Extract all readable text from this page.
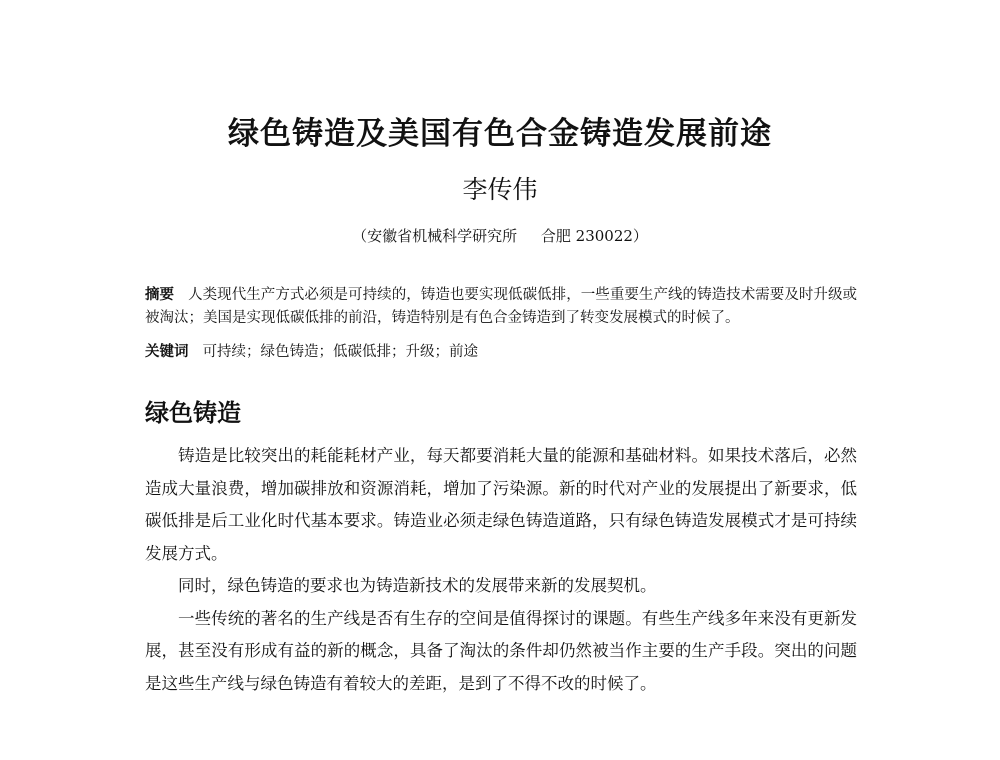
绿色铸造及美国有色合金铸造发展前途
李传伟
（安徽省机械科学研究所     合肥 230022）
摘要 人类现代生产方式必须是可持续的，铸造也要实现低碳低排，一些重要生产线的铸造技术需要及时升级或被淘汰；美国是实现低碳低排的前沿，铸造特别是有色合金铸造到了转变发展模式的时候了。
关键词 可持续；绿色铸造；低碳低排；升级；前途
绿色铸造

铸造是比较突出的耗能耗材产业，每天都要消耗大量的能源和基础材料。如果技术落后，必然造成大量浪费，增加碳排放和资源消耗，增加了污染源。新的时代对产业的发展提出了新要求，低碳低排是后工业化时代基本要求。铸造业必须走绿色铸造道路，只有绿色铸造发展模式才是可持续发展方式。

同时，绿色铸造的要求也为铸造新技术的发展带来新的发展契机。

一些传统的著名的生产线是否有生存的空间是值得探讨的课题。有些生产线多年来没有更新发展，甚至没有形成有益的新的概念，具备了淘汰的条件却仍然被当作主要的生产手段。突出的问题是这些生产线与绿色铸造有着较大的差距，是到了不得不改的时候了。
